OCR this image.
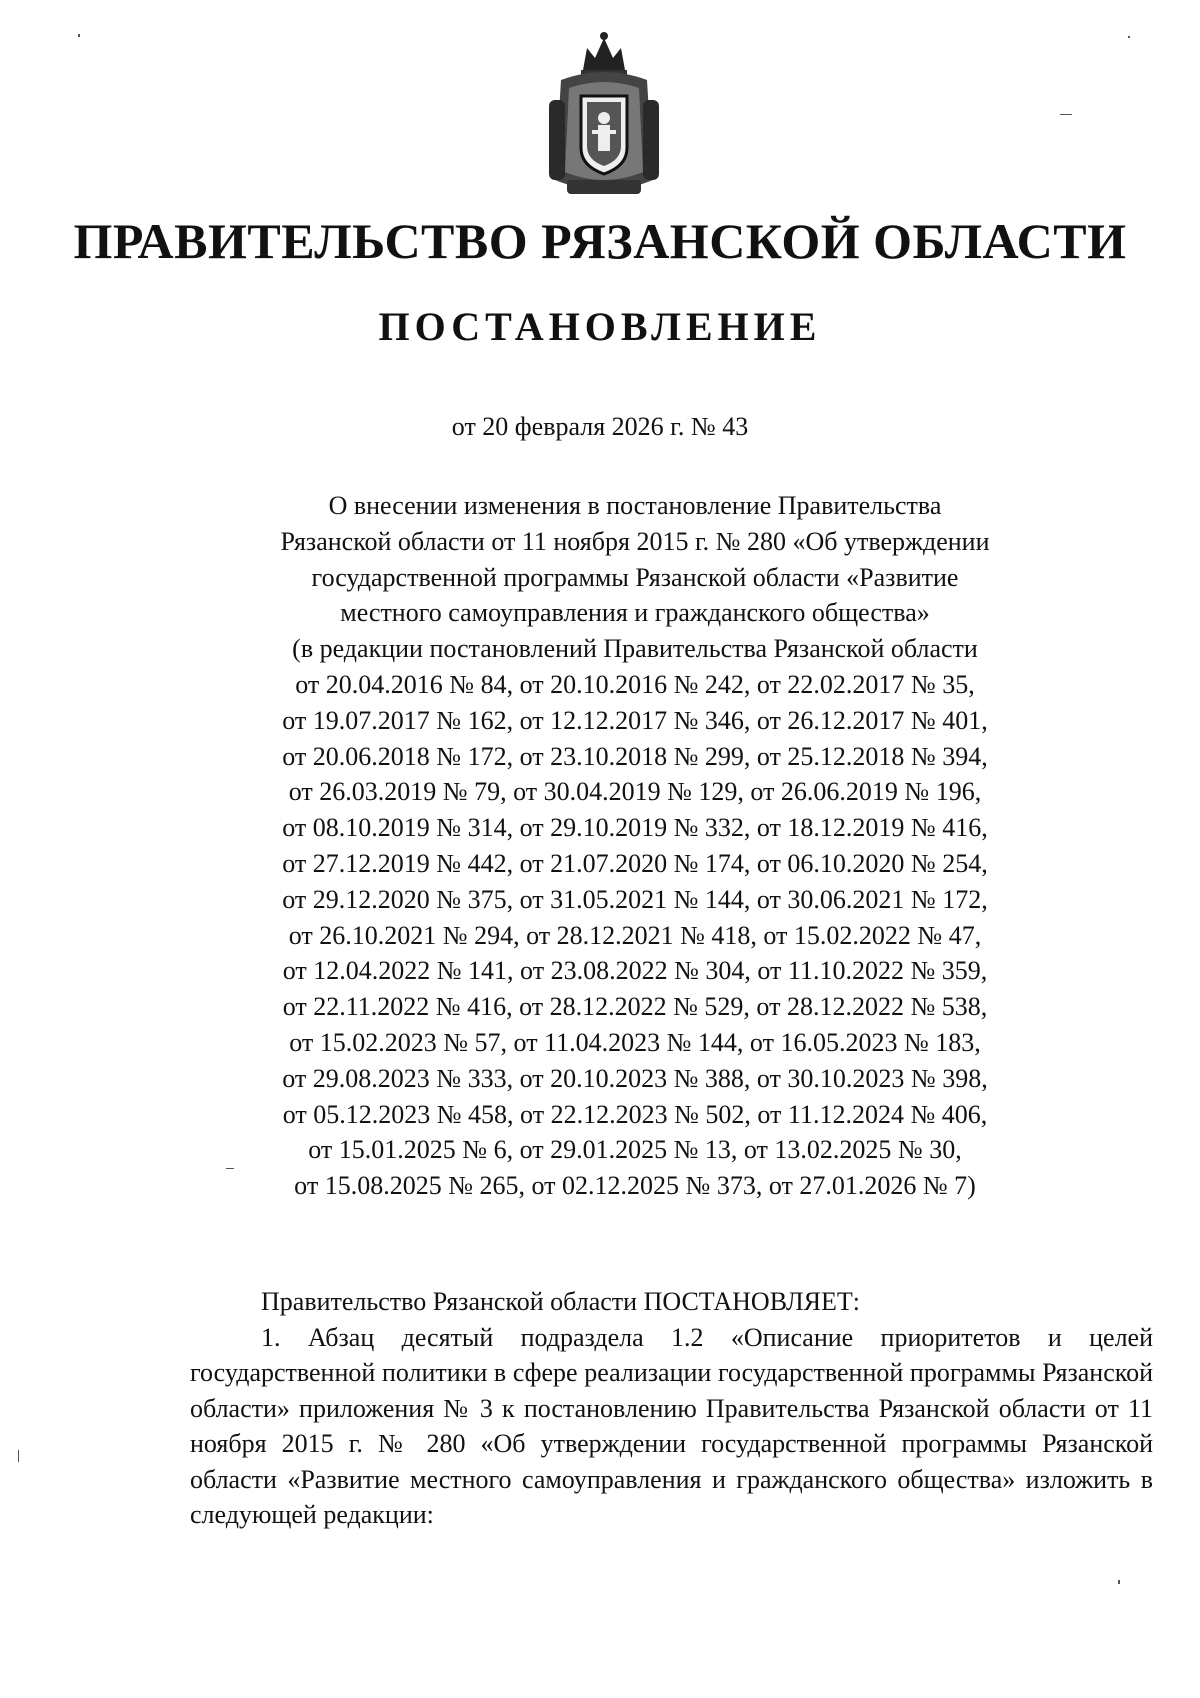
ПРАВИТЕЛЬСТВО РЯЗАНСКОЙ ОБЛАСТИ
ПОСТАНОВЛЕНИЕ
от 20 февраля 2026 г. № 43
О внесении изменения в постановление Правительства
Рязанской области от 11 ноября 2015 г. № 280 «Об утверждении
государственной программы Рязанской области «Развитие
местного самоуправления и гражданского общества»
(в редакции постановлений Правительства Рязанской области
от 20.04.2016 № 84, от 20.10.2016 № 242, от 22.02.2017 № 35,
от 19.07.2017 № 162, от 12.12.2017 № 346, от 26.12.2017 № 401,
от 20.06.2018 № 172, от 23.10.2018 № 299, от 25.12.2018 № 394,
от 26.03.2019 № 79, от 30.04.2019 № 129, от 26.06.2019 № 196,
от 08.10.2019 № 314, от 29.10.2019 № 332, от 18.12.2019 № 416,
от 27.12.2019 № 442, от 21.07.2020 № 174, от 06.10.2020 № 254,
от 29.12.2020 № 375, от 31.05.2021 № 144, от 30.06.2021 № 172,
от 26.10.2021 № 294, от 28.12.2021 № 418, от 15.02.2022 № 47,
от 12.04.2022 № 141, от 23.08.2022 № 304, от 11.10.2022 № 359,
от 22.11.2022 № 416, от 28.12.2022 № 529, от 28.12.2022 № 538,
от 15.02.2023 № 57, от 11.04.2023 № 144, от 16.05.2023 № 183,
от 29.08.2023 № 333, от 20.10.2023 № 388, от 30.10.2023 № 398,
от 05.12.2023 № 458, от 22.12.2023 № 502, от 11.12.2024 № 406,
от 15.01.2025 № 6, от 29.01.2025 № 13, от 13.02.2025 № 30,
от 15.08.2025 № 265, от 02.12.2025 № 373, от 27.01.2026 № 7)
Правительство Рязанской области ПОСТАНОВЛЯЕТ:
1. Абзац десятый подраздела 1.2 «Описание приоритетов и целей государственной политики в сфере реализации государственной программы Рязанской области» приложения № 3 к постановлению Правительства Рязанской области от 11 ноября 2015 г. № 280 «Об утверждении государственной программы Рязанской области «Развитие местного самоуправления и гражданского общества» изложить в следующей редакции:
